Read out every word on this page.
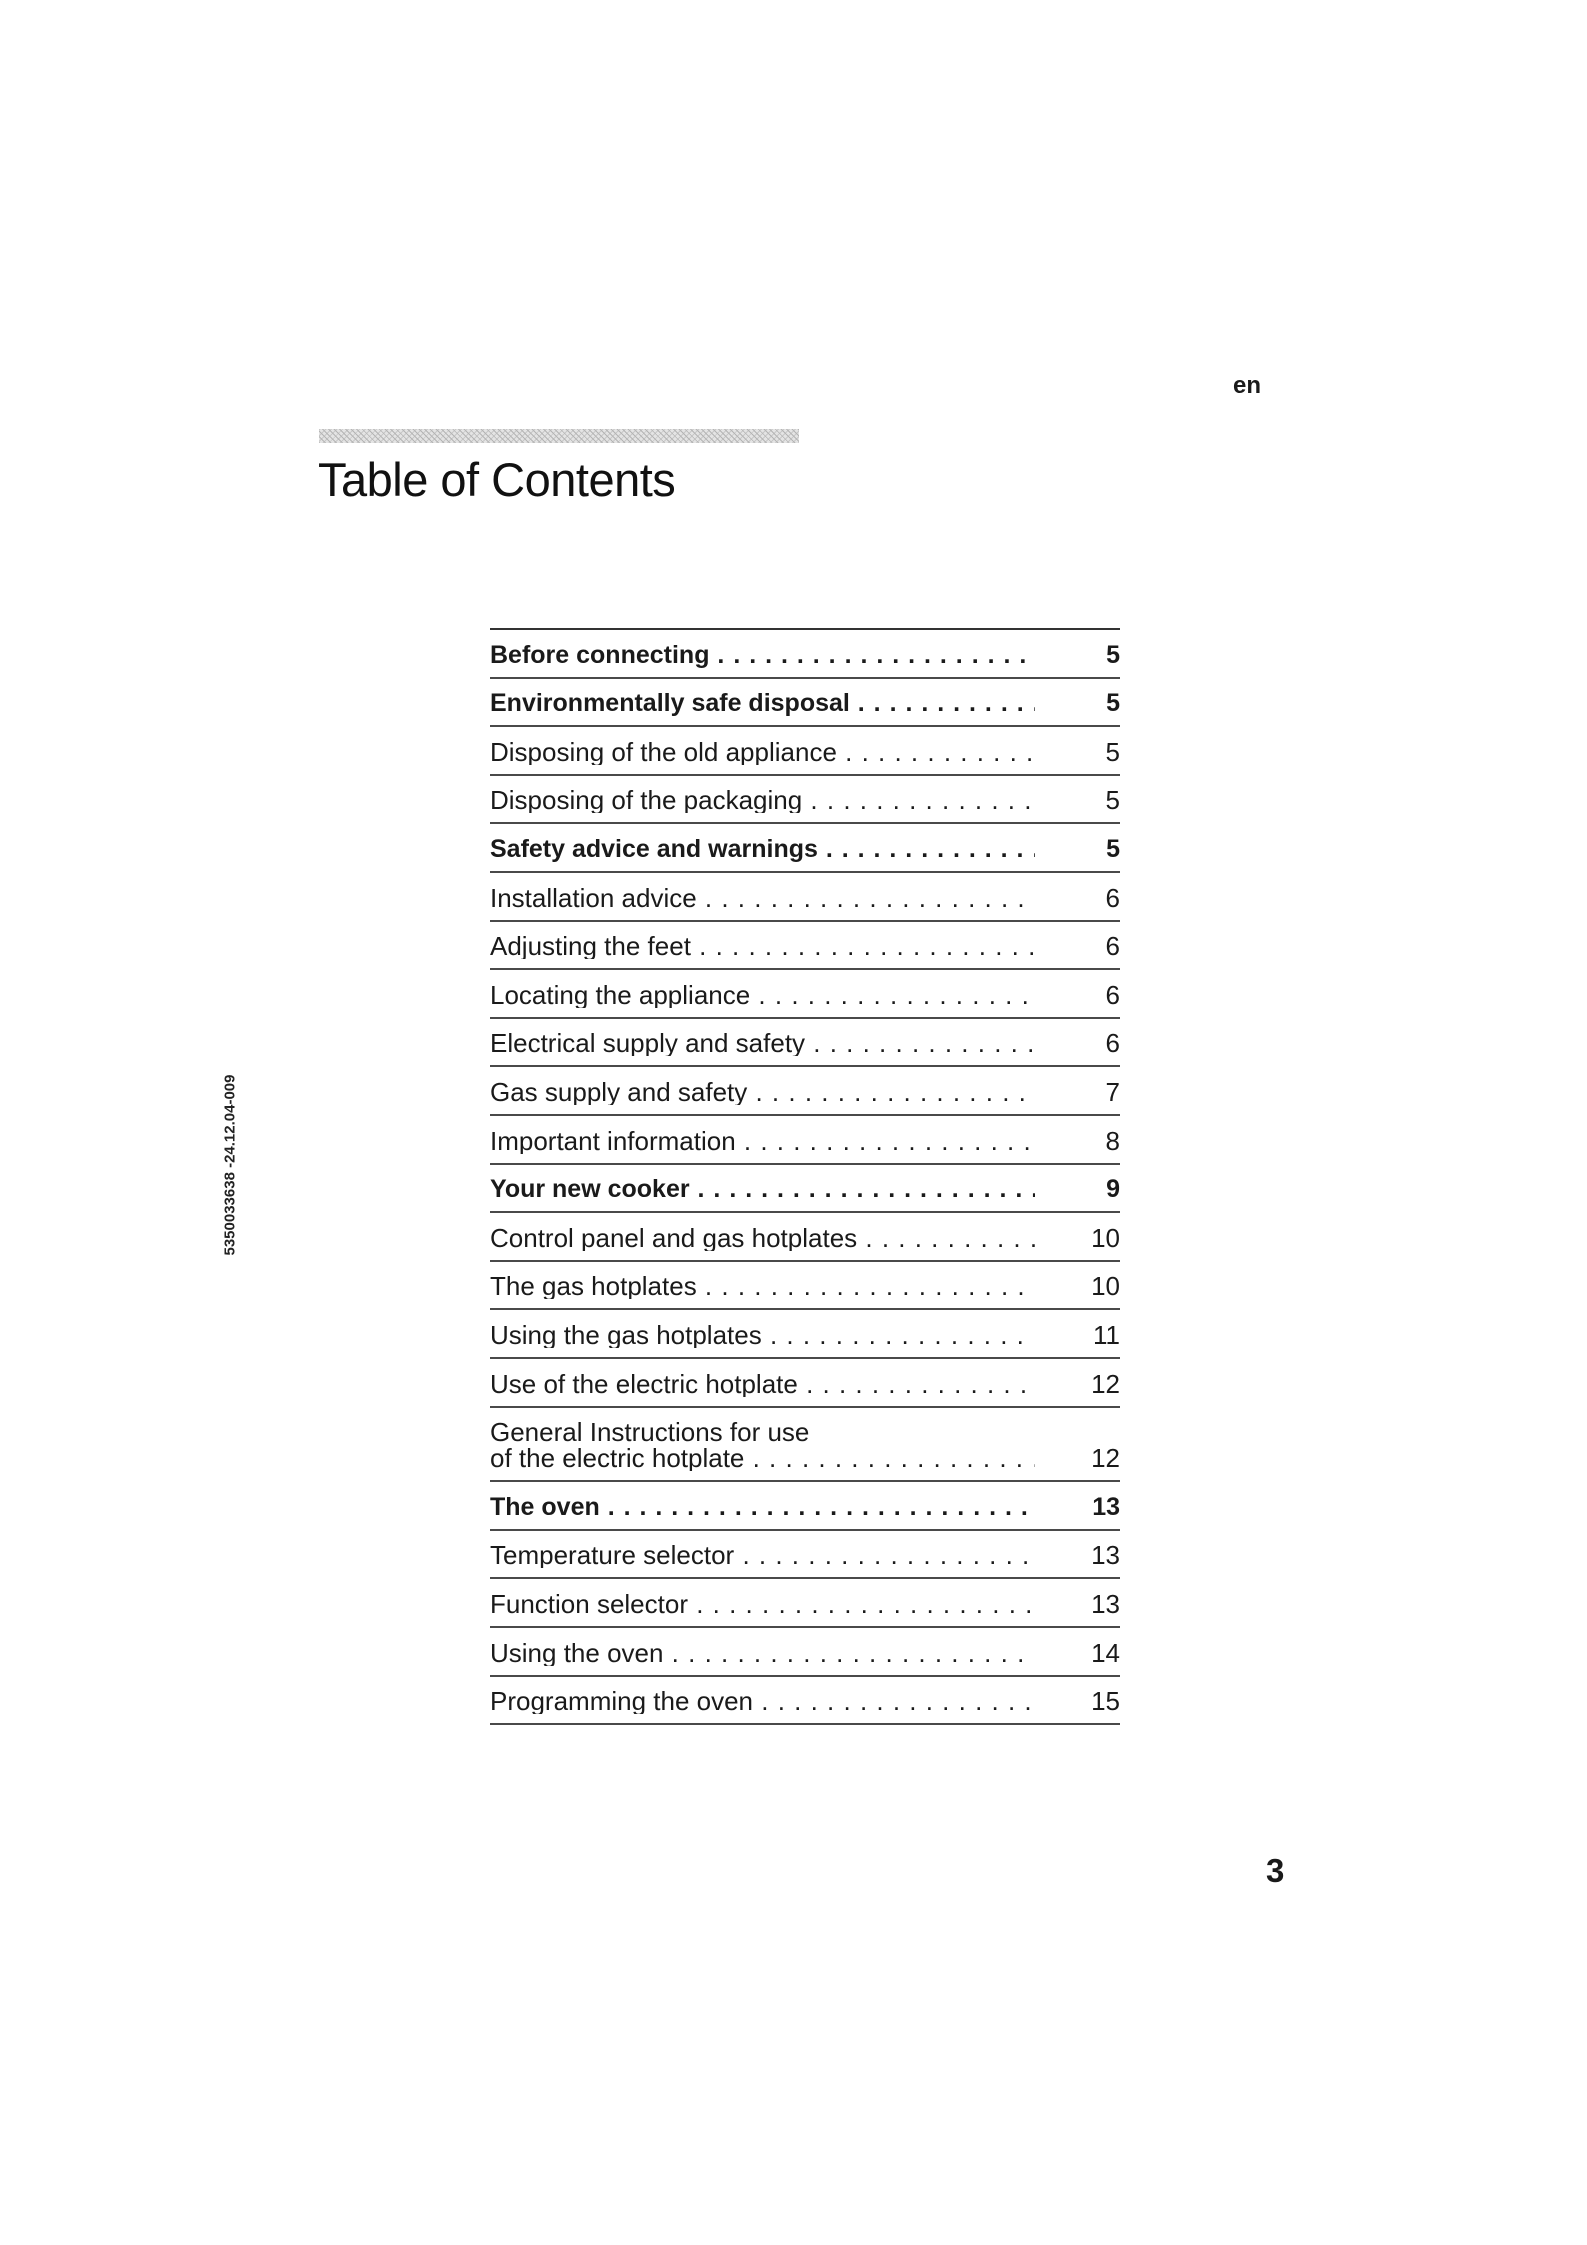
en
Table of Contents
5350033638 -24.12.04-009
Before connecting . . .	5
Environmentally safe disposal . . .	5
Disposing of the old appliance . . .	5
Disposing of the packaging . . .	5
Safety advice and warnings . . .	5
Installation advice . . .	6
Adjusting the feet . . .	6
Locating the appliance . . .	6
Electrical supply and safety . . .	6
Gas supply and safety . . .	7
Important information . . .	8
Your new cooker . . .	9
Control panel and gas hotplates . . .	10
The gas hotplates . . .	10
Using the gas hotplates . . .	11
Use of the electric hotplate . . .	12
General Instructions for use
of the electric hotplate . . .	12
The oven . . .	13
Temperature selector . . .	13
Function selector . . .	13
Using the oven . . .	14
Programming the oven . . .	15
3
